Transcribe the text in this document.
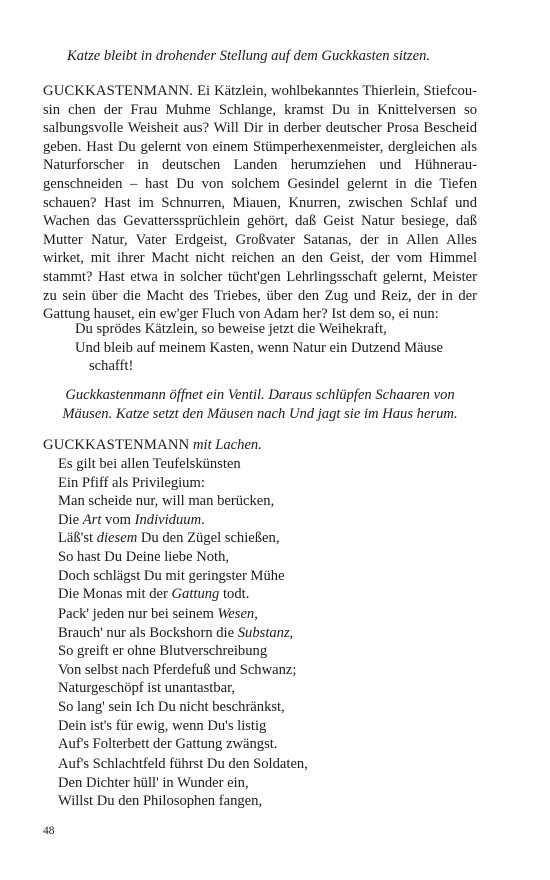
Katze bleibt in drohender Stellung auf dem Guckkasten sitzen.
GUCKKASTENMANN. Ei Kätzlein, wohlbekanntes Thierlein, Stiefcousin chen der Frau Muhme Schlange, kramst Du in Knittelversen so salbungsvolle Weisheit aus? Will Dir in derber deutscher Prosa Bescheid geben. Hast Du gelernt von einem Stümperhexenmeister, dergleichen als Naturforscher in deutschen Landen herumziehen und Hühneraugenschneiden – hast Du von solchem Gesindel gelernt in die Tiefen schauen? Hast im Schnurren, Miauen, Knurren, zwischen Schlaf und Wachen das Gevatterssprüchlein gehört, daß Geist Natur besiege, daß Mutter Natur, Vater Erdgeist, Großvater Satanas, der in Allen Alles wirket, mit ihrer Macht nicht reichen an den Geist, der vom Himmel stammt? Hast etwa in solcher tücht'gen Lehrlingsschaft gelernt, Meister zu sein über die Macht des Triebes, über den Zug und Reiz, der in der Gattung hauset, ein ew'ger Fluch von Adam her? Ist dem so, ei nun:
Du sprödes Kätzlein, so beweise jetzt die Weihekraft,
Und bleib auf meinem Kasten, wenn Natur ein Dutzend Mäuse
schafft!
Guckkastenmann öffnet ein Ventil. Daraus schlüpfen Schaaren von
Mäusen. Katze setzt den Mäusen nach Und jagt sie im Haus herum.
GUCKKASTENMANN mit Lachen.
Es gilt bei allen Teufelskünsten
Ein Pfiff als Privilegium:
Man scheide nur, will man berücken,
Die Art vom Individuum.
Läß'st diesem Du den Zügel schießen,
So hast Du Deine liebe Noth,
Doch schlägst Du mit geringster Mühe
Die Monas mit der Gattung todt.
Pack' jeden nur bei seinem Wesen,
Brauch' nur als Bockshorn die Substanz,
So greift er ohne Blutverschreibung
Von selbst nach Pferdefuß und Schwanz;
Naturgeschöpf ist unantastbar,
So lang' sein Ich Du nicht beschränkst,
Dein ist's für ewig, wenn Du's listig
Auf's Folterbett der Gattung zwängst.
Auf's Schlachtfeld führst Du den Soldaten,
Den Dichter hüll' in Wunder ein,
Willst Du den Philosophen fangen,
48
